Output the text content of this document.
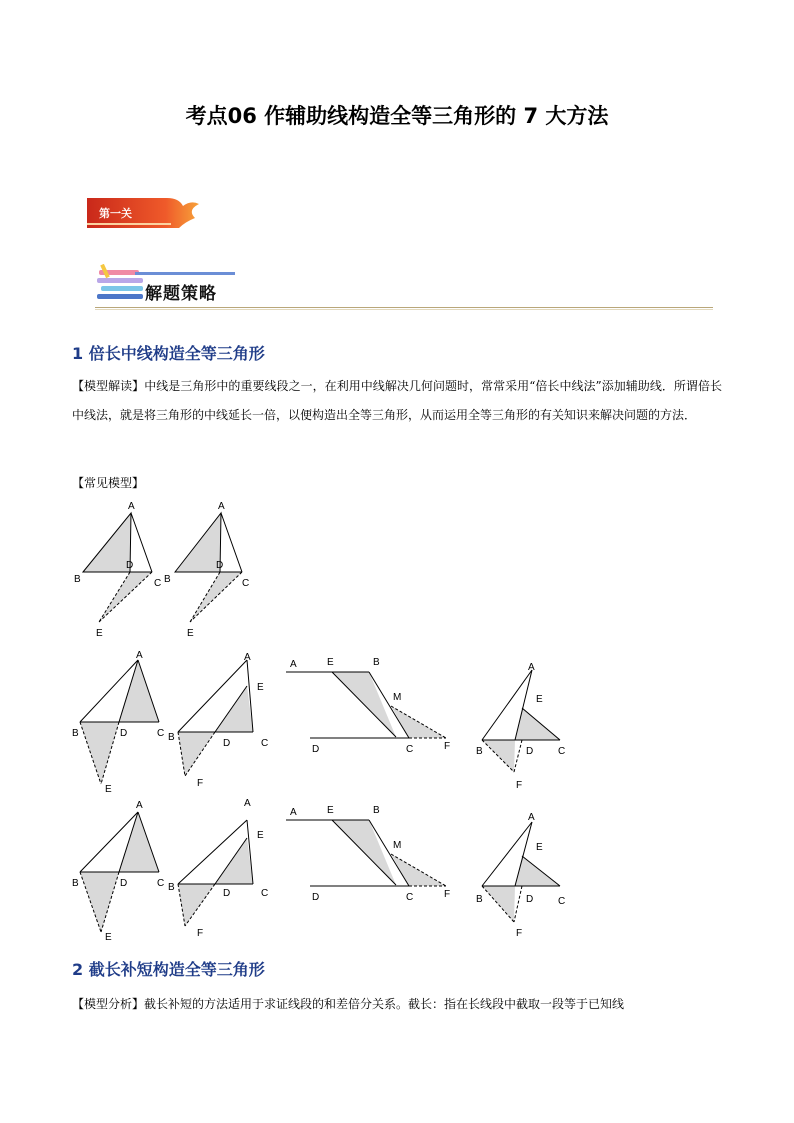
考点06 作辅助线构造全等三角形的 7 大方法
第一关
解题策略
1 倍长中线构造全等三角形
【模型解读】中线是三角形中的重要线段之一，在利用中线解决几何问题时，常常采用“倍长中线法”添加辅助线．所谓倍长中线法，就是将三角形的中线延长一倍，以便构造出全等三角形，从而运用全等三角形的有关知识来解决问题的方法．
【常见模型】
A
B
D
C
E
A
B
D
C
E
A
B	D	C
E
A
E
B
D	C
F
A	E	B
M
D	C	F
A
E
B	D C
F
A
B	D	C
E
E
B
D	C
F
A
A	E	B
M
D	C	F
A
E
B	D C
F
2 截长补短构造全等三角形
【模型分析】截长补短的方法适用于求证线段的和差倍分关系。截长：指在长线段中截取一段等于已知线
